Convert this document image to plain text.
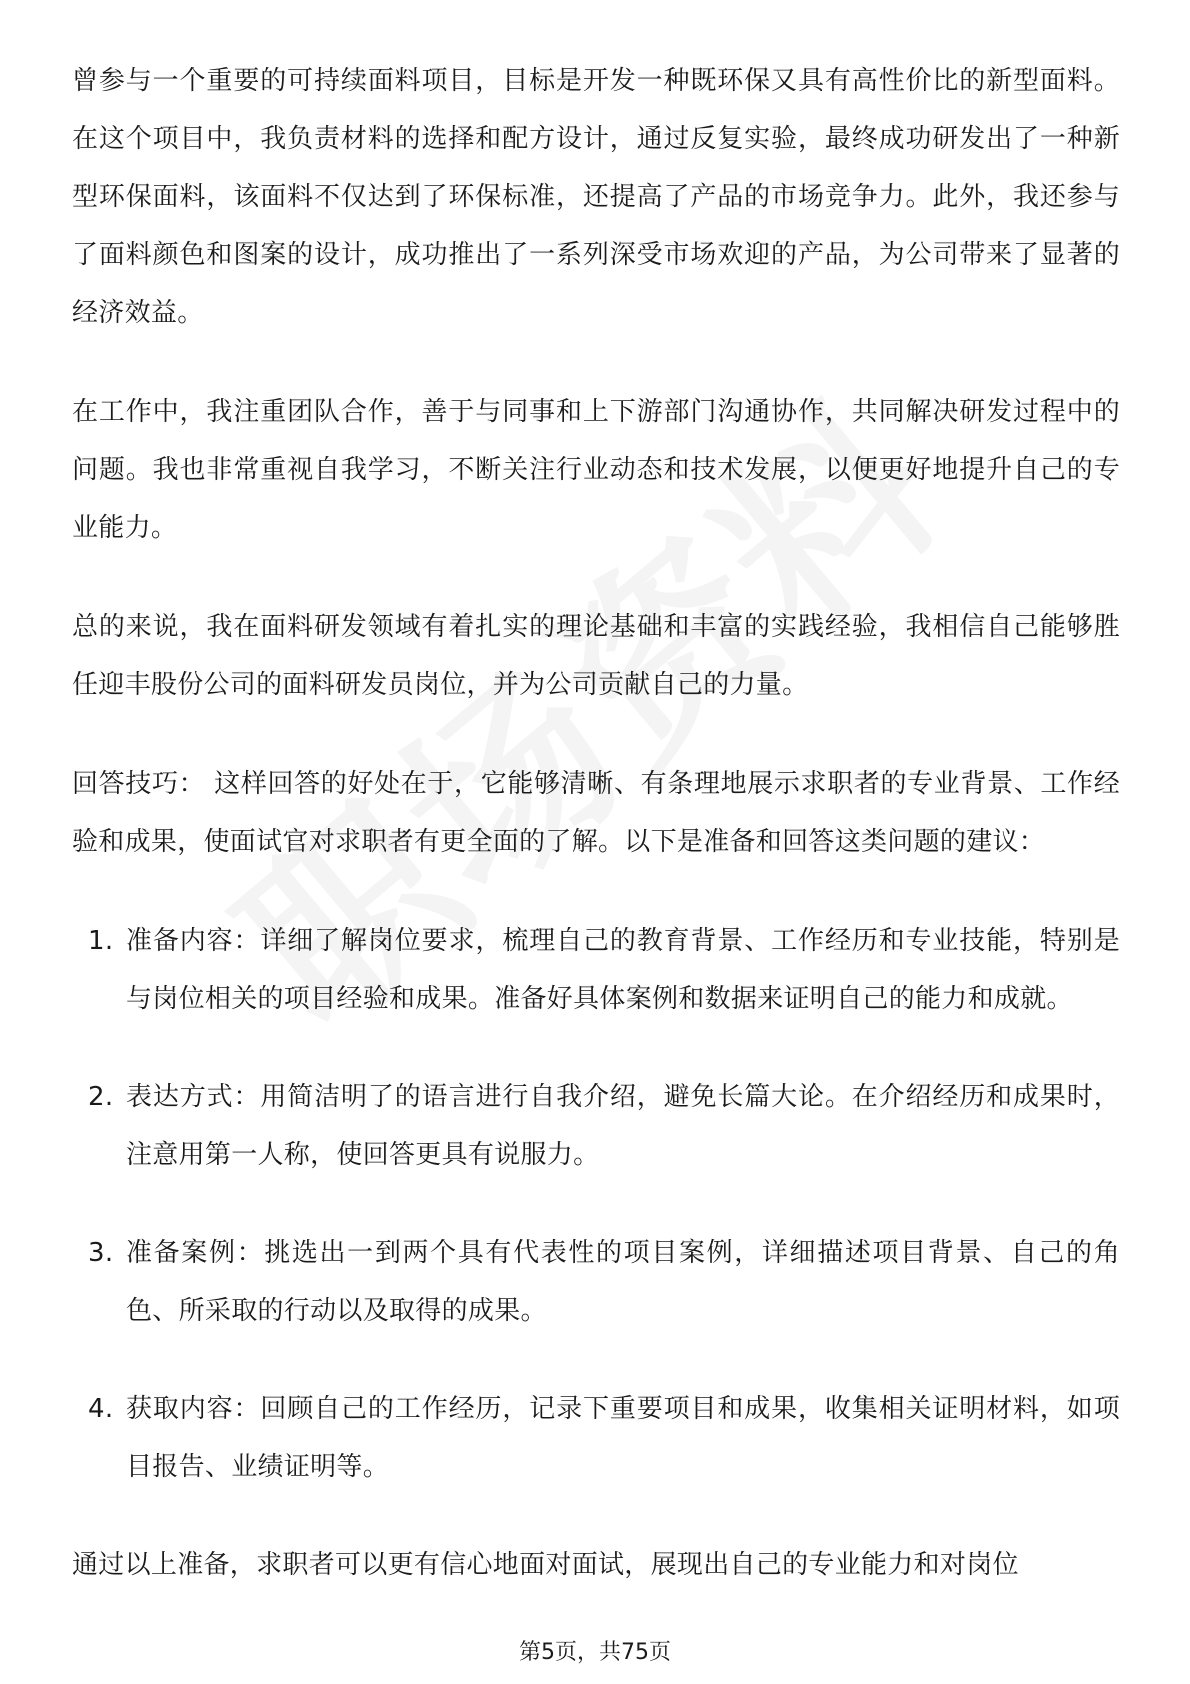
曾参与一个重要的可持续面料项目，目标是开发一种既环保又具有高性价比的新型面料。在这个项目中，我负责材料的选择和配方设计，通过反复实验，最终成功研发出了一种新型环保面料，该面料不仅达到了环保标准，还提高了产品的市场竞争力。此外，我还参与了面料颜色和图案的设计，成功推出了一系列深受市场欢迎的产品，为公司带来了显著的经济效益。

在工作中，我注重团队合作，善于与同事和上下游部门沟通协作，共同解决研发过程中的问题。我也非常重视自我学习，不断关注行业动态和技术发展，以便更好地提升自己的专业能力。

总的来说，我在面料研发领域有着扎实的理论基础和丰富的实践经验，我相信自己能够胜任迎丰股份公司的面料研发员岗位，并为公司贡献自己的力量。

回答技巧： 这样回答的好处在于，它能够清晰、有条理地展示求职者的专业背景、工作经验和成果，使面试官对求职者有更全面的了解。以下是准备和回答这类问题的建议：

1. 准备内容：详细了解岗位要求，梳理自己的教育背景、工作经历和专业技能，特别是与岗位相关的项目经验和成果。准备好具体案例和数据来证明自己的能力和成就。
2. 表达方式：用简洁明了的语言进行自我介绍，避免长篇大论。在介绍经历和成果时，注意用第一人称，使回答更具有说服力。
3. 准备案例：挑选出一到两个具有代表性的项目案例，详细描述项目背景、自己的角色、所采取的行动以及取得的成果。
4. 获取内容：回顾自己的工作经历，记录下重要项目和成果，收集相关证明材料，如项目报告、业绩证明等。

通过以上准备，求职者可以更有信心地面对面试，展现出自己的专业能力和对岗位

第5页，共75页
